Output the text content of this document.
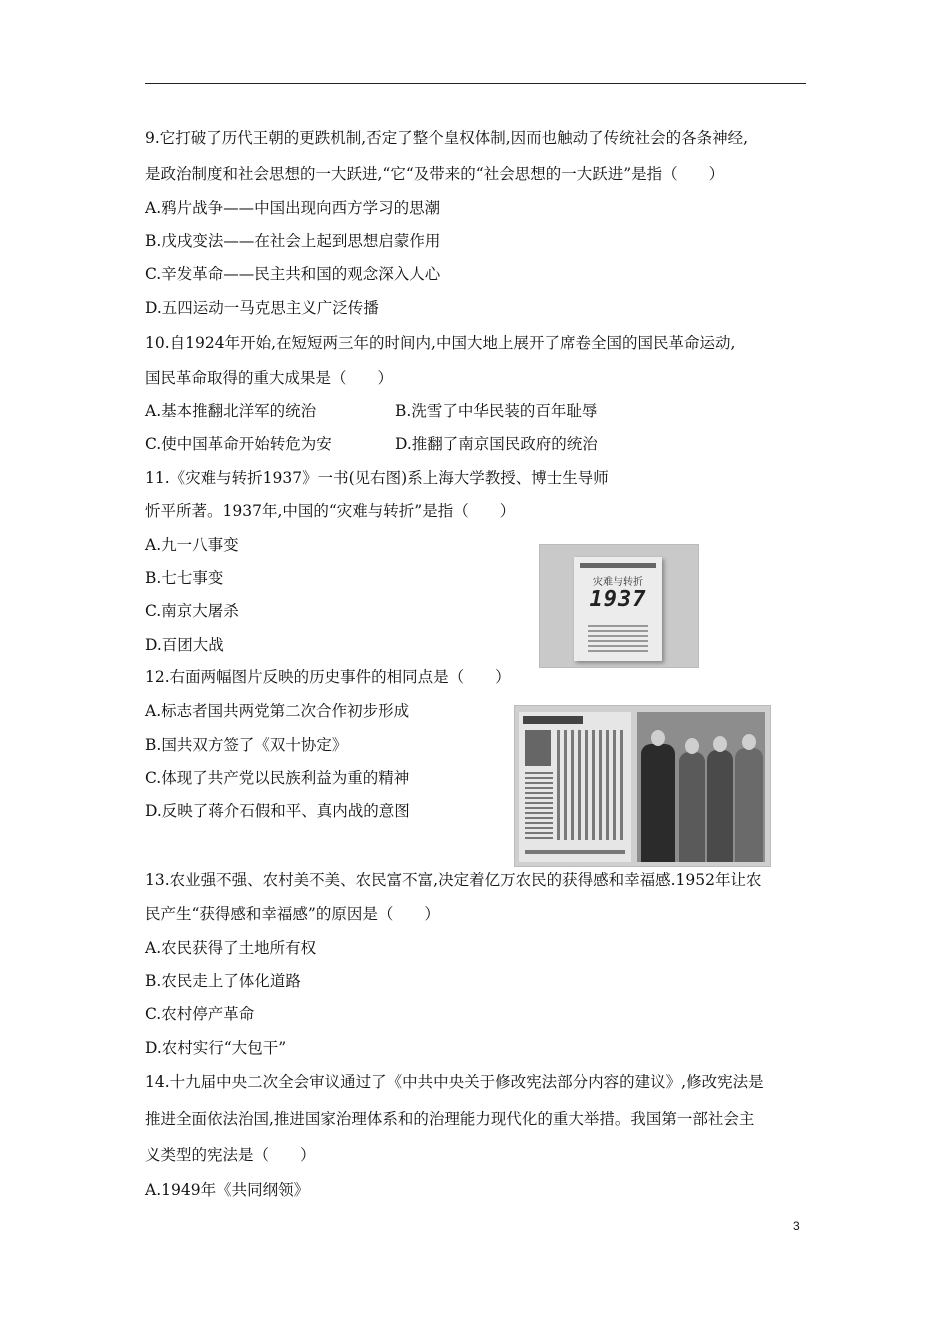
9.它打破了历代王朝的更跌机制,否定了整个皇权体制,因而也触动了传统社会的各条神经,
是政治制度和社会思想的一大跃进,“它“及带来的“社会思想的一大跃进”是指（　　）
A.鸦片战争——中国出现向西方学习的思潮
B.戊戌变法——在社会上起到思想启蒙作用
C.辛发革命——民主共和国的观念深入人心
D.五四运动一马克思主义广泛传播
10.自1924年开始,在短短两三年的时间内,中国大地上展开了席卷全国的国民革命运动,
国民革命取得的重大成果是（　　）
A.基本推翻北洋军的统治	B.洗雪了中华民装的百年耻辱
C.使中国革命开始转危为安	D.推翻了南京国民政府的统治
11.《灾难与转折1937》一书(见右图)系上海大学教授、博士生导师
忻平所著。1937年,中国的“灾难与转折”是指（　　）
A.九一八事变
B.七七事变
C.南京大屠杀
D.百团大战
灾难与转折
1937
12.右面两幅图片反映的历史事件的相同点是（　　）
A.标志者国共两党第二次合作初步形成
B.国共双方签了《双十协定》
C.体现了共产党以民族利益为重的精神
D.反映了蒋介石假和平、真内战的意图
13.农业强不强、农村美不美、农民富不富,决定着亿万农民的获得感和幸福感.1952年让农
民产生“获得感和幸福感”的原因是（　　）
A.农民获得了土地所有权
B.农民走上了体化道路
C.农村停产革命
D.农村实行“大包干”
14.十九届中央二次全会审议通过了《中共中央关于修改宪法部分内容的建议》,修改宪法是
推进全面依法治国,推进国家治理体系和的治理能力现代化的重大举措。我国第一部社会主
义类型的宪法是（　　）
A.1949年《共同纲领》
3
